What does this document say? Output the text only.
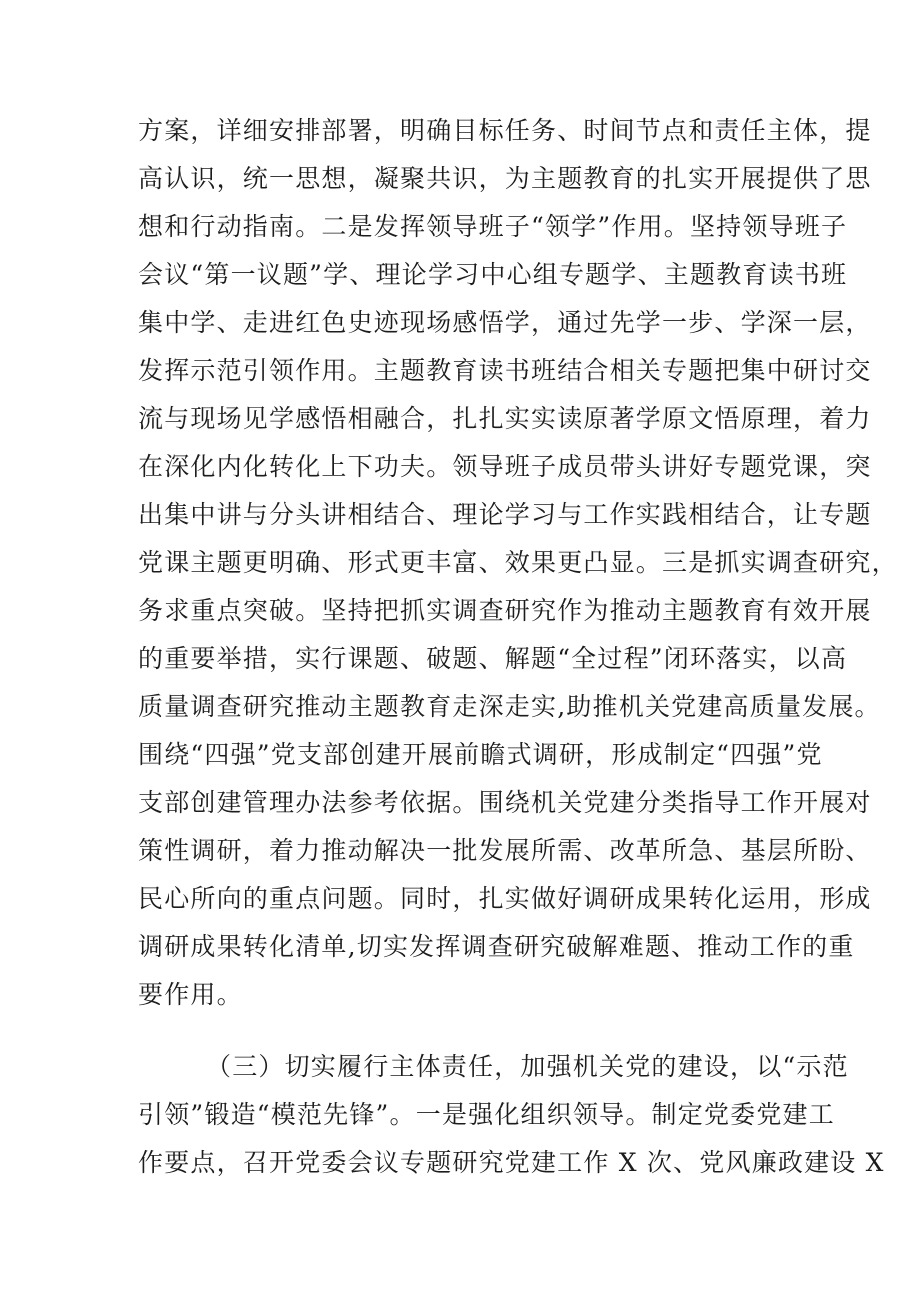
方案，详细安排部署，明确目标任务、时间节点和责任主体，提
高认识，统一思想，凝聚共识，为主题教育的扎实开展提供了思
想和行动指南。二是发挥领导班子“领学”作用。坚持领导班子
会议“第一议题”学、理论学习中心组专题学、主题教育读书班
集中学、走进红色史迹现场感悟学，通过先学一步、学深一层，
发挥示范引领作用。主题教育读书班结合相关专题把集中研讨交
流与现场见学感悟相融合，扎扎实实读原著学原文悟原理，着力
在深化内化转化上下功夫。领导班子成员带头讲好专题党课，突
出集中讲与分头讲相结合、理论学习与工作实践相结合，让专题
党课主题更明确、形式更丰富、效果更凸显。三是抓实调查研究，
务求重点突破。坚持把抓实调查研究作为推动主题教育有效开展
的重要举措，实行课题、破题、解题“全过程”闭环落实，以高
质量调查研究推动主题教育走深走实,助推机关党建高质量发展。
围绕“四强”党支部创建开展前瞻式调研，形成制定“四强”党
支部创建管理办法参考依据。围绕机关党建分类指导工作开展对
策性调研，着力推动解决一批发展所需、改革所急、基层所盼、
民心所向的重点问题。同时，扎实做好调研成果转化运用，形成
调研成果转化清单,切实发挥调查研究破解难题、推动工作的重
要作用。
（三）切实履行主体责任，加强机关党的建设，以“示范
引领”锻造“模范先锋”。一是强化组织领导。制定党委党建工
作要点，召开党委会议专题研究党建工作 X 次、党风廉政建设 X
